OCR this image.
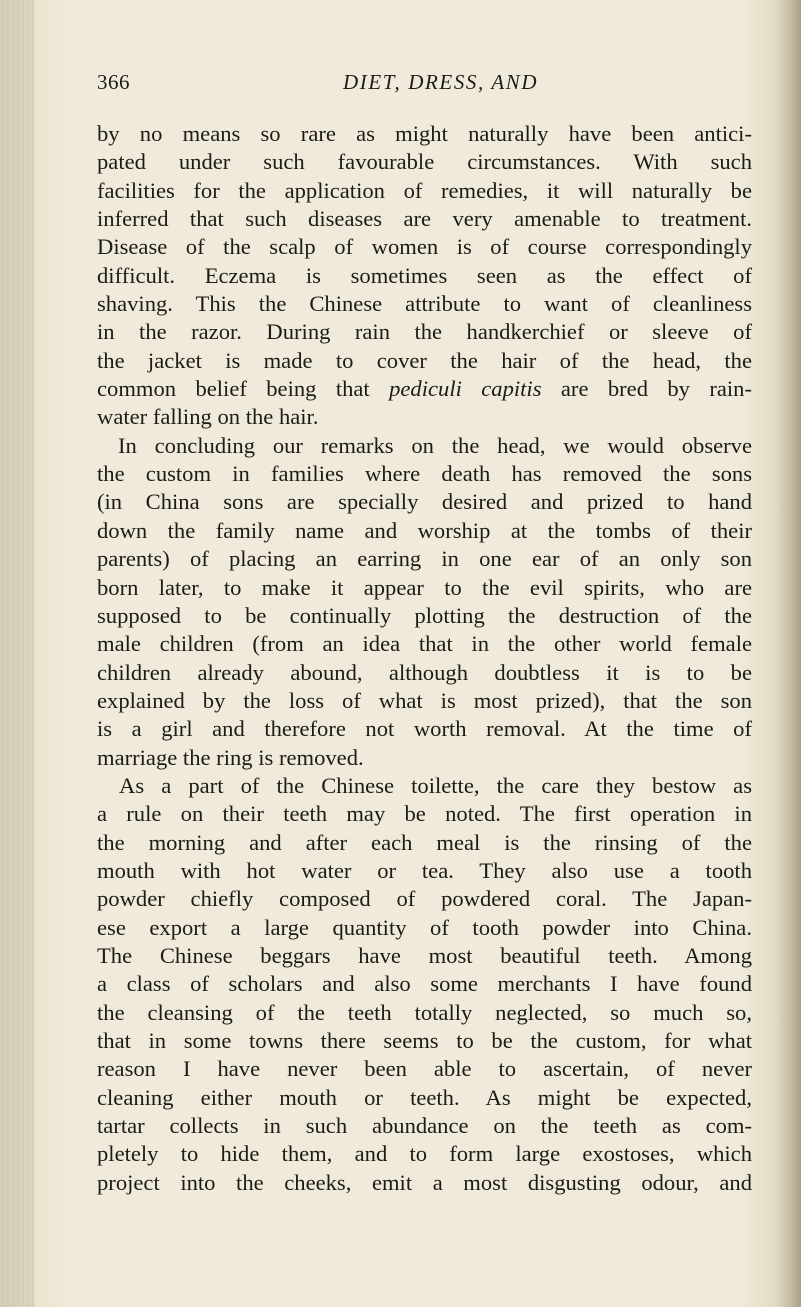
366	DIET, DRESS, AND
by no means so rare as might naturally have been antici-
pated under such favourable circumstances. With such
facilities for the application of remedies, it will naturally be
inferred that such diseases are very amenable to treatment.
Disease of the scalp of women is of course correspondingly
difficult. Eczema is sometimes seen as the effect of
shaving. This the Chinese attribute to want of cleanliness
in the razor. During rain the handkerchief or sleeve of
the jacket is made to cover the hair of the head, the
common belief being that pediculi capitis are bred by rain-
water falling on the hair.
In concluding our remarks on the head, we would observe
the custom in families where death has removed the sons
(in China sons are specially desired and prized to hand
down the family name and worship at the tombs of their
parents) of placing an earring in one ear of an only son
born later, to make it appear to the evil spirits, who are
supposed to be continually plotting the destruction of the
male children (from an idea that in the other world female
children already abound, although doubtless it is to be
explained by the loss of what is most prized), that the son
is a girl and therefore not worth removal. At the time of
marriage the ring is removed.
As a part of the Chinese toilette, the care they bestow as
a rule on their teeth may be noted. The first operation in
the morning and after each meal is the rinsing of the
mouth with hot water or tea. They also use a tooth
powder chiefly composed of powdered coral. The Japan-
ese export a large quantity of tooth powder into China.
The Chinese beggars have most beautiful teeth. Among
a class of scholars and also some merchants I have found
the cleansing of the teeth totally neglected, so much so,
that in some towns there seems to be the custom, for what
reason I have never been able to ascertain, of never
cleaning either mouth or teeth. As might be expected,
tartar collects in such abundance on the teeth as com-
pletely to hide them, and to form large exostoses, which
project into the cheeks, emit a most disgusting odour, and
